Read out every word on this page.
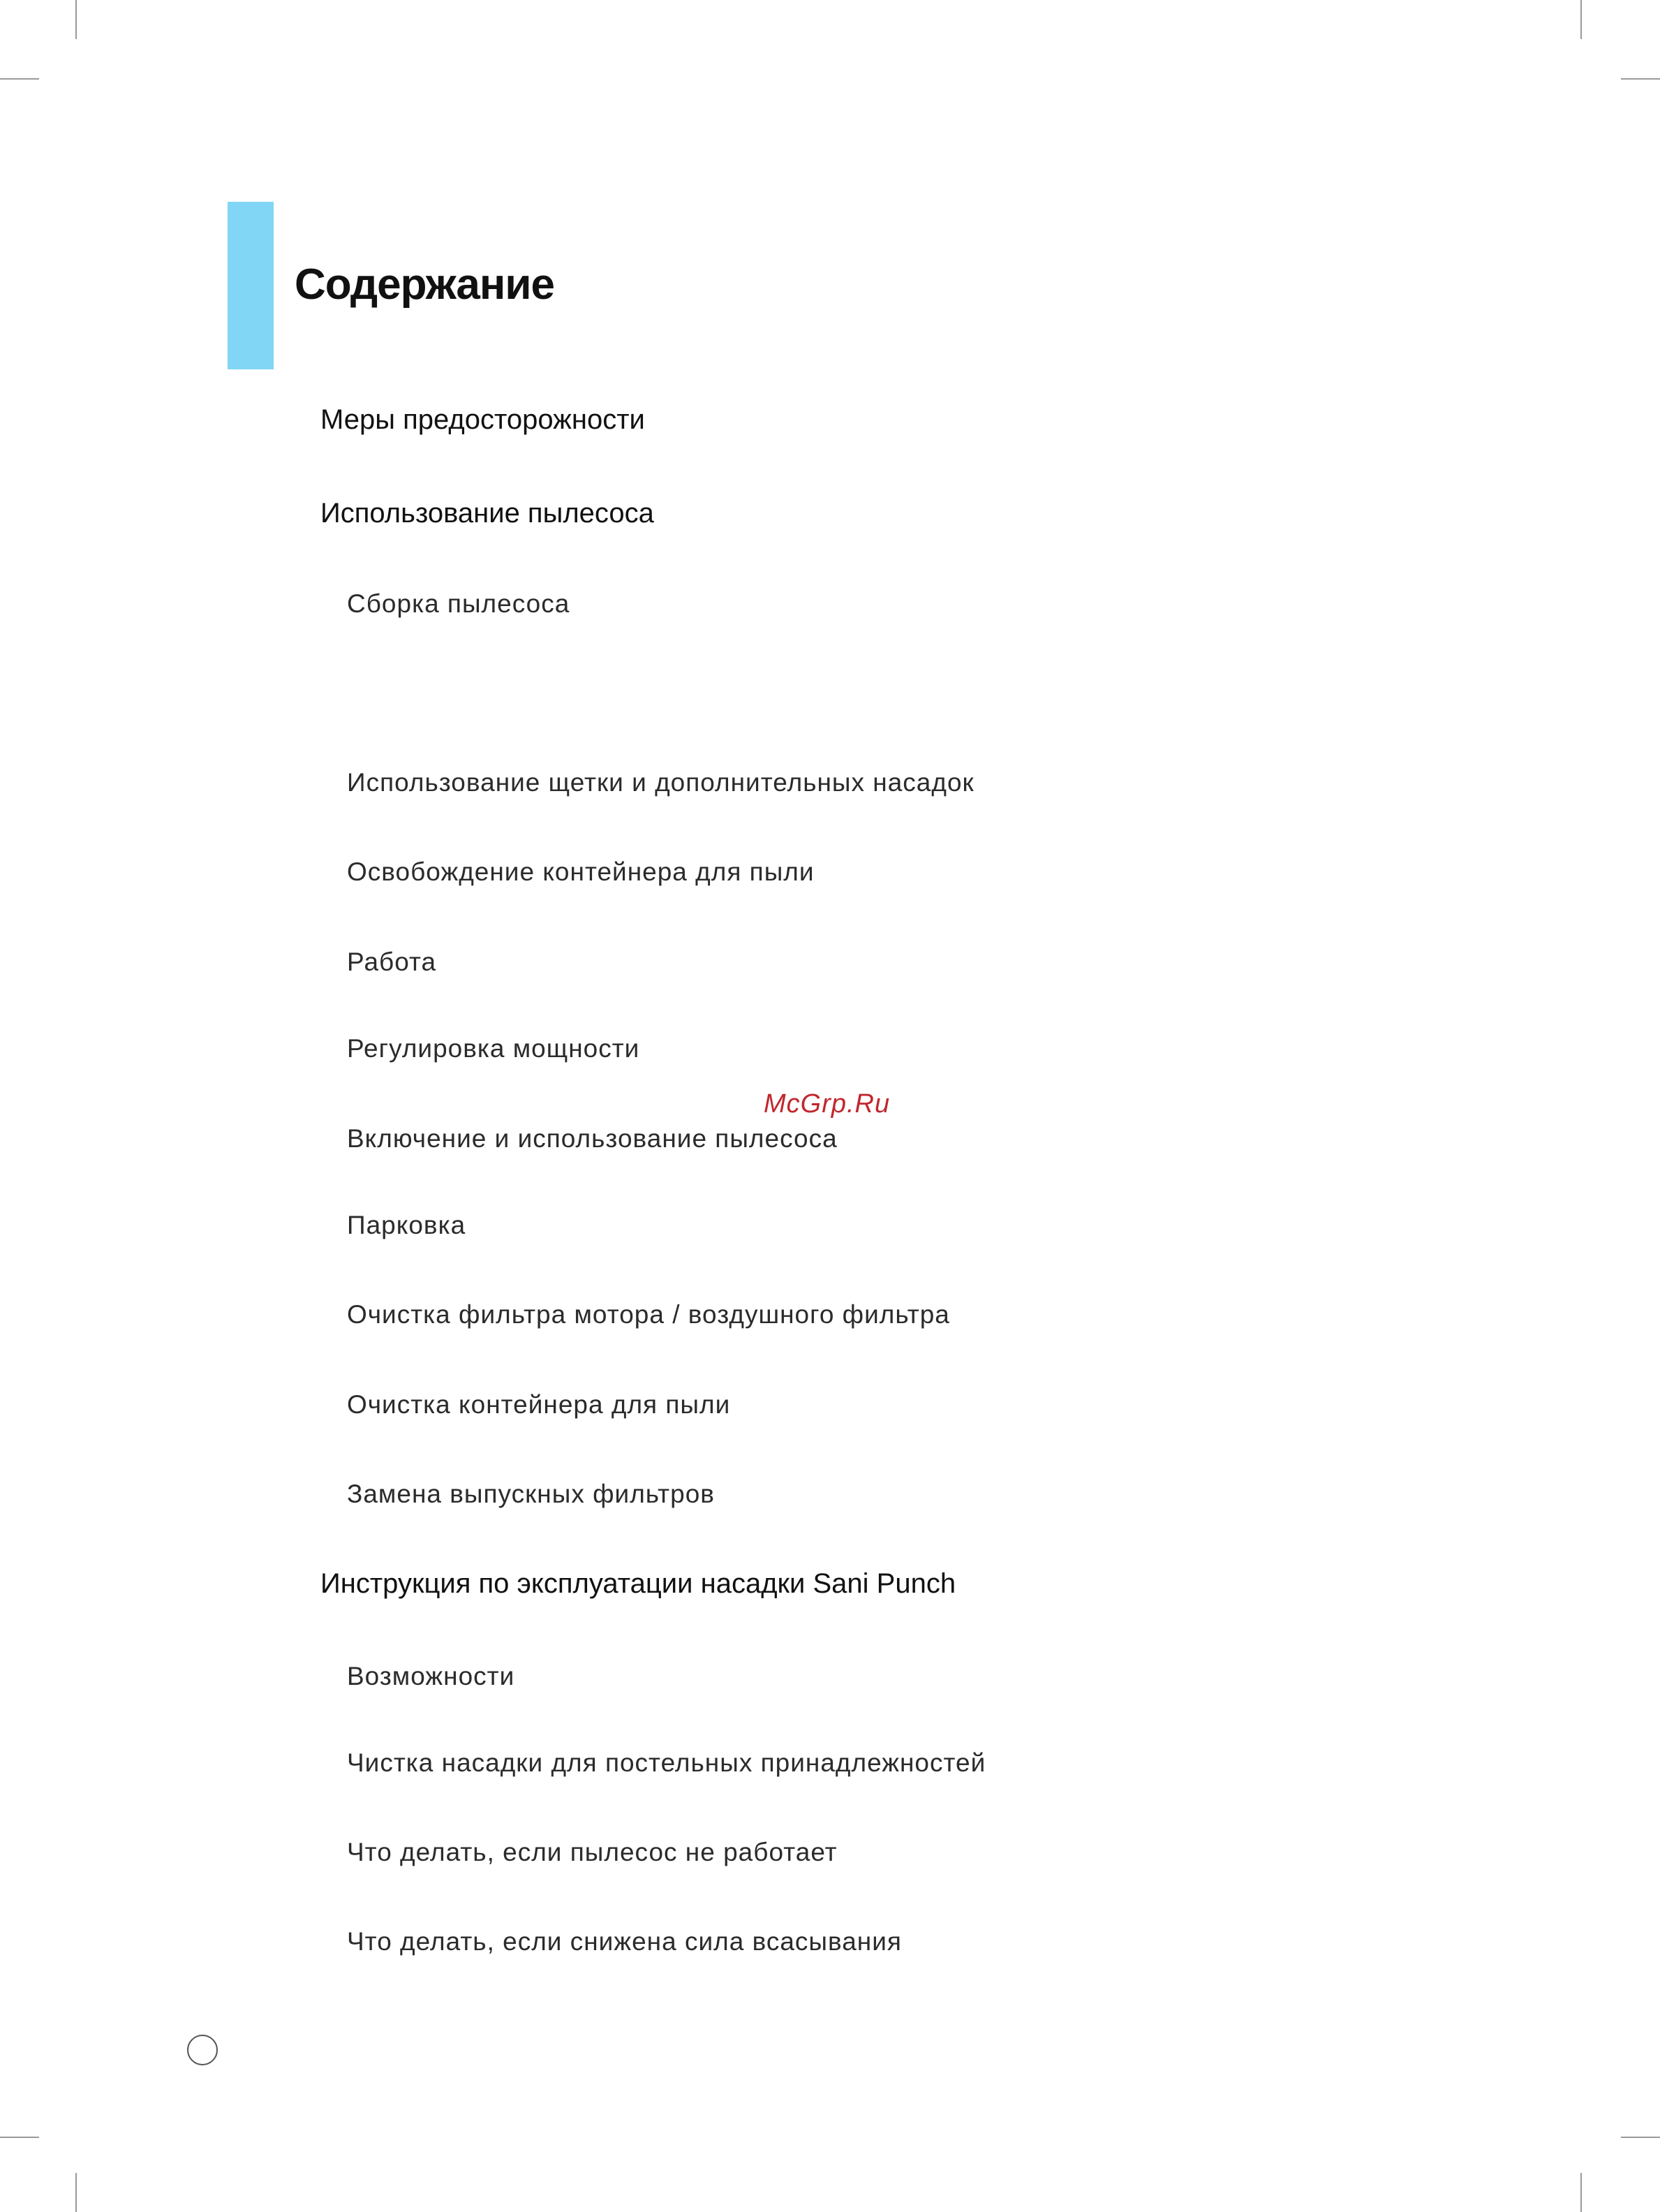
Содержание

Меры предосторожности

Использование пылесоса

Сборка пылесоса

Использование щетки и дополнительных насадок

Освобождение контейнера для пыли

Работа

Регулировка мощности

Включение и использование пылесоса

Парковка

Очистка фильтра мотора / воздушного фильтра

Очистка контейнера для пыли

Замена выпускных фильтров

Инструкция по эксплуатации насадки Sani Punch

Возможности

Чистка насадки для постельных принадлежностей

Что делать, если пылесос не работает

Что делать, если снижена сила всасывания

McGrp.Ru
